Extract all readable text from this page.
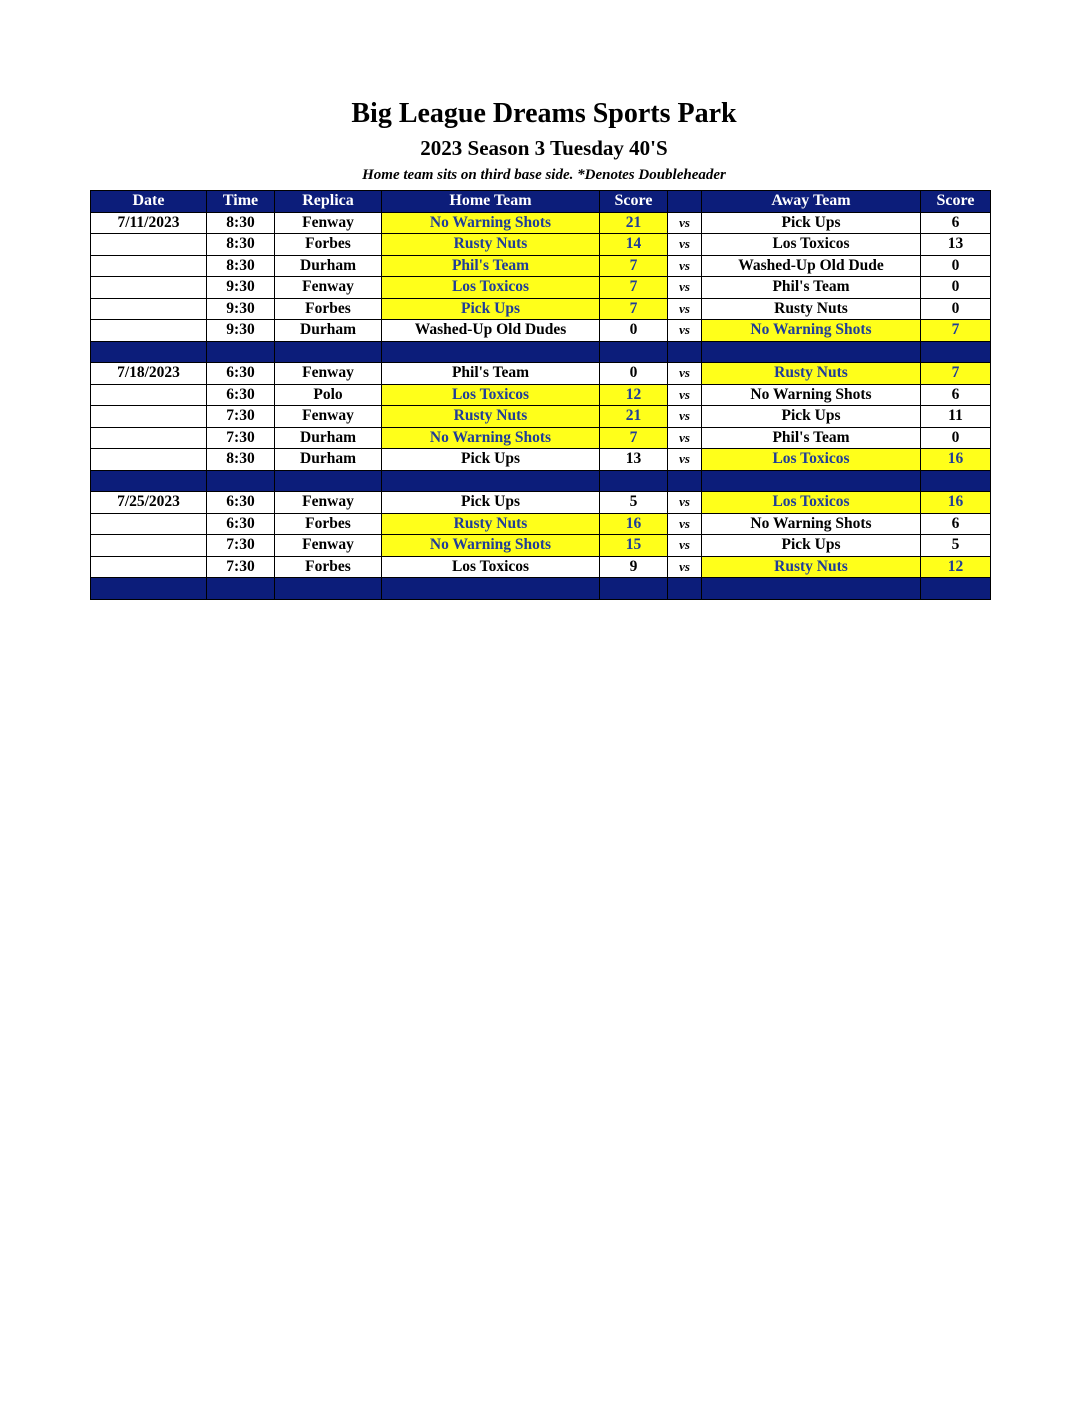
Big League Dreams Sports Park
2023 Season 3 Tuesday 40'S
Home team sits on third base side. *Denotes Doubleheader
Date	Time	Replica	Home Team	Score		Away Team	Score
7/11/2023	8:30	Fenway	No Warning Shots	21	vs	Pick Ups	6
	8:30	Forbes	Rusty Nuts	14	vs	Los Toxicos	13
	8:30	Durham	Phil's Team	7	vs	Washed-Up Old Dude	0
	9:30	Fenway	Los Toxicos	7	vs	Phil's Team	0
	9:30	Forbes	Pick Ups	7	vs	Rusty Nuts	0
	9:30	Durham	Washed-Up Old Dudes	0	vs	No Warning Shots	7

7/18/2023	6:30	Fenway	Phil's Team	0	vs	Rusty Nuts	7
	6:30	Polo	Los Toxicos	12	vs	No Warning Shots	6
	7:30	Fenway	Rusty Nuts	21	vs	Pick Ups	11
	7:30	Durham	No Warning Shots	7	vs	Phil's Team	0
	8:30	Durham	Pick Ups	13	vs	Los Toxicos	16

7/25/2023	6:30	Fenway	Pick Ups	5	vs	Los Toxicos	16
	6:30	Forbes	Rusty Nuts	16	vs	No Warning Shots	6
	7:30	Fenway	No Warning Shots	15	vs	Pick Ups	5
	7:30	Forbes	Los Toxicos	9	vs	Rusty Nuts	12
